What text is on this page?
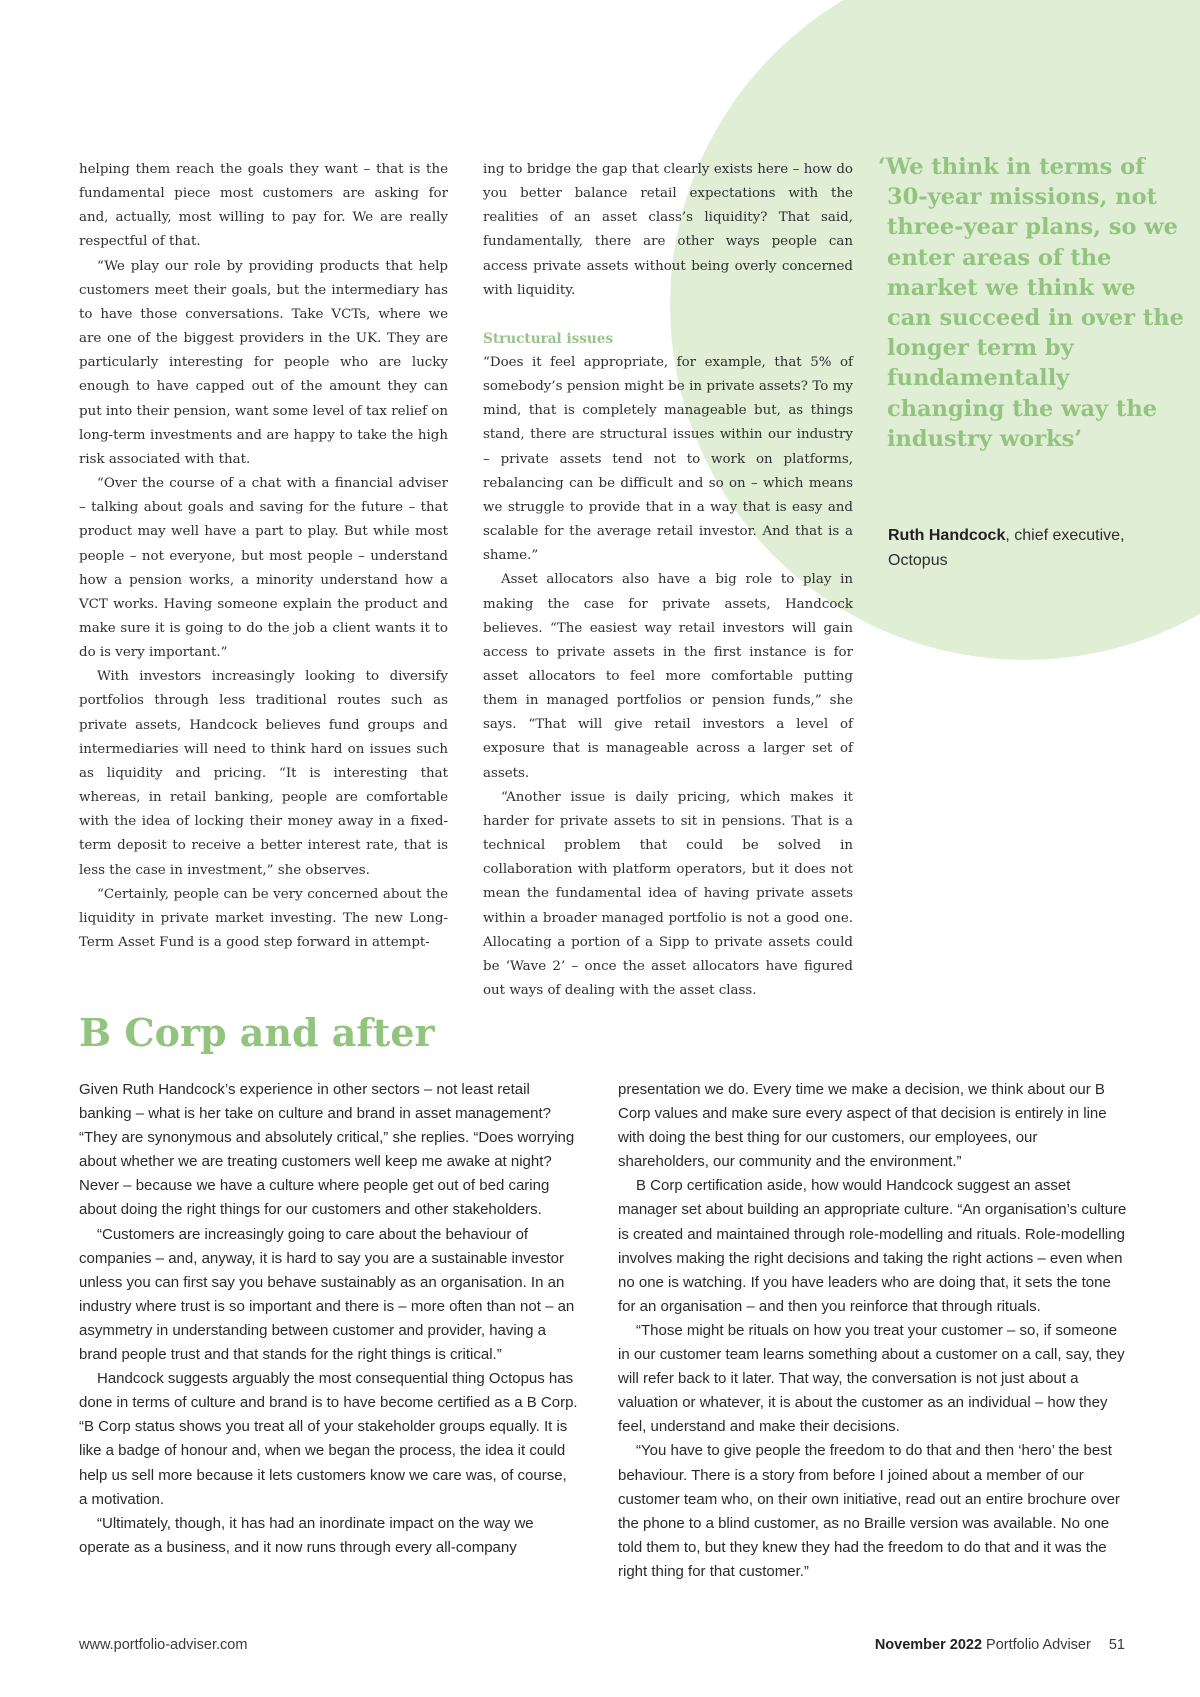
helping them reach the goals they want – that is the fundamental piece most customers are asking for and, actually, most willing to pay for. We are really respectful of that.

“We play our role by providing products that help customers meet their goals, but the intermediary has to have those conversations. Take VCTs, where we are one of the biggest providers in the UK. They are particularly interesting for people who are lucky enough to have capped out of the amount they can put into their pension, want some level of tax relief on long-term investments and are happy to take the high risk associated with that.

“Over the course of a chat with a financial adviser – talking about goals and saving for the future – that product may well have a part to play. But while most people – not everyone, but most people – understand how a pension works, a minority understand how a VCT works. Having someone explain the product and make sure it is going to do the job a client wants it to do is very important.”

With investors increasingly looking to diversify portfolios through less traditional routes such as private assets, Handcock believes fund groups and intermediaries will need to think hard on issues such as liquidity and pricing. “It is interesting that whereas, in retail banking, people are comfortable with the idea of locking their money away in a fixed-term deposit to receive a better interest rate, that is less the case in investment,” she observes.

“Certainly, people can be very concerned about the liquidity in private market investing. The new Long-Term Asset Fund is a good step forward in attempt-

ing to bridge the gap that clearly exists here – how do you better balance retail expectations with the realities of an asset class’s liquidity? That said, fundamentally, there are other ways people can access private assets without being overly concerned with liquidity.

Structural issues

“Does it feel appropriate, for example, that 5% of somebody’s pension might be in private assets? To my mind, that is completely manageable but, as things stand, there are structural issues within our industry – private assets tend not to work on platforms, rebalancing can be difficult and so on – which means we struggle to provide that in a way that is easy and scalable for the average retail investor. And that is a shame.”

Asset allocators also have a big role to play in making the case for private assets, Handcock believes. “The easiest way retail investors will gain access to private assets in the first instance is for asset allocators to feel more comfortable putting them in managed portfolios or pension funds,” she says. “That will give retail investors a level of exposure that is manageable across a larger set of assets.

“Another issue is daily pricing, which makes it harder for private assets to sit in pensions. That is a technical problem that could be solved in collaboration with platform operators, but it does not mean the fundamental idea of having private assets within a broader managed portfolio is not a good one. Allocating a portion of a Sipp to private assets could be ‘Wave 2’ – once the asset allocators have figured out ways of dealing with the asset class.

‘We think in terms of 30-year missions, not three-year plans, so we enter areas of the market we think we can succeed in over the longer term by fundamentally changing the way the industry works’

Ruth Handcock, chief executive, Octopus
B Corp and after

Given Ruth Handcock’s experience in other sectors – not least retail banking – what is her take on culture and brand in asset management? “They are synonymous and absolutely critical,” she replies. “Does worrying about whether we are treating customers well keep me awake at night? Never – because we have a culture where people get out of bed caring about doing the right things for our customers and other stakeholders.

“Customers are increasingly going to care about the behaviour of companies – and, anyway, it is hard to say you are a sustainable investor unless you can first say you behave sustainably as an organisation. In an industry where trust is so important and there is – more often than not – an asymmetry in understanding between customer and provider, having a brand people trust and that stands for the right things is critical.”

Handcock suggests arguably the most consequential thing Octopus has done in terms of culture and brand is to have become certified as a B Corp. “B Corp status shows you treat all of your stakeholder groups equally. It is like a badge of honour and, when we began the process, the idea it could help us sell more because it lets customers know we care was, of course, a motivation.

“Ultimately, though, it has had an inordinate impact on the way we operate as a business, and it now runs through every all-company

presentation we do. Every time we make a decision, we think about our B Corp values and make sure every aspect of that decision is entirely in line with doing the best thing for our customers, our employees, our shareholders, our community and the environment.”

B Corp certification aside, how would Handcock suggest an asset manager set about building an appropriate culture. “An organisation’s culture is created and maintained through role-modelling and rituals. Role-modelling involves making the right decisions and taking the right actions – even when no one is watching. If you have leaders who are doing that, it sets the tone for an organisation – and then you reinforce that through rituals.

“Those might be rituals on how you treat your customer – so, if someone in our customer team learns something about a customer on a call, say, they will refer back to it later. That way, the conversation is not just about a valuation or whatever, it is about the customer as an individual – how they feel, understand and make their decisions.

“You have to give people the freedom to do that and then ‘hero’ the best behaviour. There is a story from before I joined about a member of our customer team who, on their own initiative, read out an entire brochure over the phone to a blind customer, as no Braille version was available. No one told them to, but they knew they had the freedom to do that and it was the right thing for that customer.”

www.portfolio-adviser.com	November 2022 Portfolio Adviser 51
